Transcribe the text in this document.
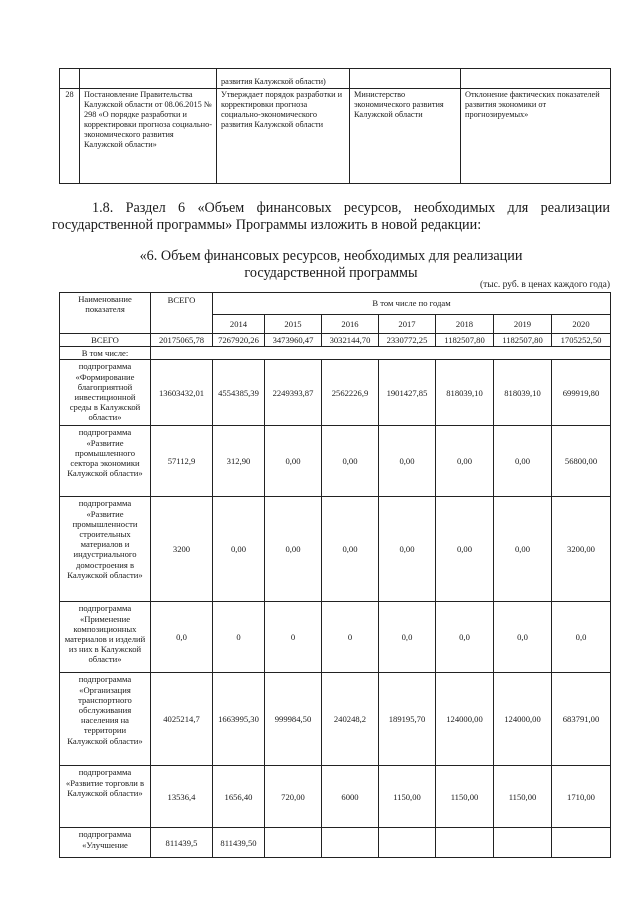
		развития Калужской области)		
28	Постановление Правительства Калужской области от 08.06.2015 № 298 «О порядке разработки и корректировки прогноза социально-экономического развития Калужской области»	Утверждает порядок разработки и корректировки прогноза социально-экономического развития Калужской области	Министерство экономического развития Калужской области	Отклонение фактических показателей развития экономики от прогнозируемых»
1.8. Раздел 6 «Объем финансовых ресурсов, необходимых для реализации государственной программы» Программы изложить в новой редакции:
«6. Объем финансовых ресурсов, необходимых для реализации
государственной программы
(тыс. руб. в ценах каждого года)
Наименование показателя	ВСЕГО	В том числе по годам						
		2014	2015	2016	2017	2018	2019	2020
ВСЕГО	20175065,78	7267920,26	3473960,47	3032144,70	2330772,25	1182507,80	1182507,80	1705252,50
В том числе:								
подпрограмма «Формирование благоприятной инвестиционной среды в Калужской области»	13603432,01	4554385,39	2249393,87	2562226,9	1901427,85	818039,10	818039,10	699919,80
подпрограмма «Развитие промышленного сектора экономики Калужской области»	57112,9	312,90	0,00	0,00	0,00	0,00	0,00	56800,00
подпрограмма «Развитие промышленности строительных материалов и индустриального домостроения в Калужской области»	3200	0,00	0,00	0,00	0,00	0,00	0,00	3200,00
подпрограмма «Применение композиционных материалов и изделий из них в Калужской области»	0,0	0	0	0	0,0	0,0	0,0	0,0
подпрограмма «Организация транспортного обслуживания населения на территории Калужской области»	4025214,7	1663995,30	999984,50	240248,2	189195,70	124000,00	124000,00	683791,00
подпрограмма «Развитие торговли в Калужской области»	13536,4	1656,40	720,00	6000	1150,00	1150,00	1150,00	1710,00
подпрограмма «Улучшение	811439,5	811439,50						
